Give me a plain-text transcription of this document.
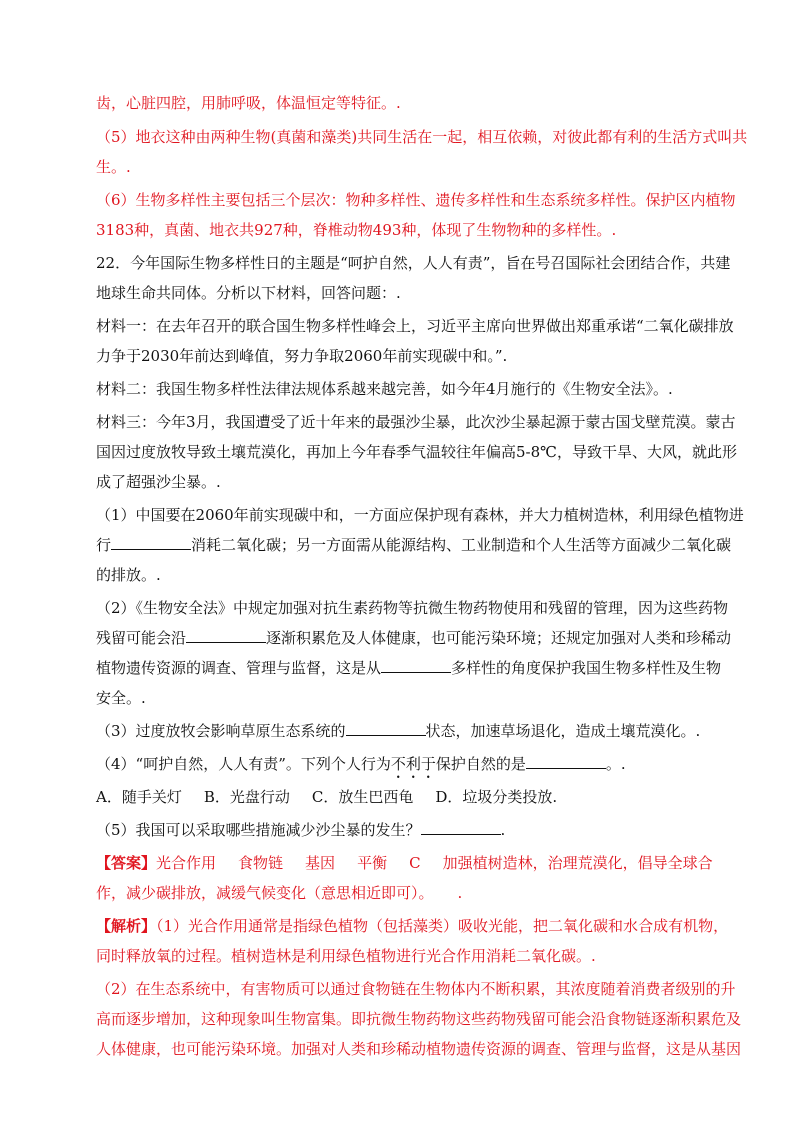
齿，心脏四腔，用肺呼吸，体温恒定等特征。.
（5）地衣这种由两种生物(真菌和藻类)共同生活在一起，相互依赖，对彼此都有利的生活方式叫共
生。.
（6）生物多样性主要包括三个层次：物种多样性、遗传多样性和生态系统多样性。保护区内植物
3183种，真菌、地衣共927种，脊椎动物493种，体现了生物物种的多样性。.
22．今年国际生物多样性日的主题是“呵护自然，人人有责”，旨在号召国际社会团结合作，共建
地球生命共同体。分析以下材料，回答问题：.
材料一：在去年召开的联合国生物多样性峰会上，习近平主席向世界做出郑重承诺“二氧化碳排放
力争于2030年前达到峰值，努力争取2060年前实现碳中和。”.
材料二：我国生物多样性法律法规体系越来越完善，如今年4月施行的《生物安全法》。.
材料三：今年3月，我国遭受了近十年来的最强沙尘暴，此次沙尘暴起源于蒙古国戈壁荒漠。蒙古
国因过度放牧导致土壤荒漠化，再加上今年春季气温较往年偏高5-8℃，导致干旱、大风，就此形
成了超强沙尘暴。.
（1）中国要在2060年前实现碳中和，一方面应保护现有森林，并大力植树造林，利用绿色植物进
行	消耗二氧化碳；另一方面需从能源结构、工业制造和个人生活等方面减少二氧化碳
的排放。.
（2）《生物安全法》中规定加强对抗生素药物等抗微生物药物使用和残留的管理，因为这些药物
残留可能会沿	逐渐积累危及人体健康，也可能污染环境；还规定加强对人类和珍稀动
植物遗传资源的调查、管理与监督，这是从	多样性的角度保护我国生物多样性及生物
安全。.
（3）过度放牧会影响草原生态系统的	状态，加速草场退化，造成土壤荒漠化。.
（4）“呵护自然，人人有责”。下列个人行为不利于保护自然的是	。.
A．随手关灯 B．光盘行动 C．放生巴西龟 D．垃圾分类投放.
（5）我国可以采取哪些措施减少沙尘暴的发生？	.
【答案】光合作用 食物链 基因 平衡 C 加强植树造林，治理荒漠化，倡导全球合
作，减少碳排放，减缓气候变化（意思相近即可）。 .
【解析】（1）光合作用通常是指绿色植物（包括藻类）吸收光能，把二氧化碳和水合成有机物，
同时释放氧的过程。植树造林是利用绿色植物进行光合作用消耗二氧化碳。.
（2）在生态系统中，有害物质可以通过食物链在生物体内不断积累，其浓度随着消费者级别的升
高而逐步增加，这种现象叫生物富集。即抗微生物药物这些药物残留可能会沿食物链逐渐积累危及
人体健康，也可能污染环境。加强对人类和珍稀动植物遗传资源的调查、管理与监督，这是从基因
